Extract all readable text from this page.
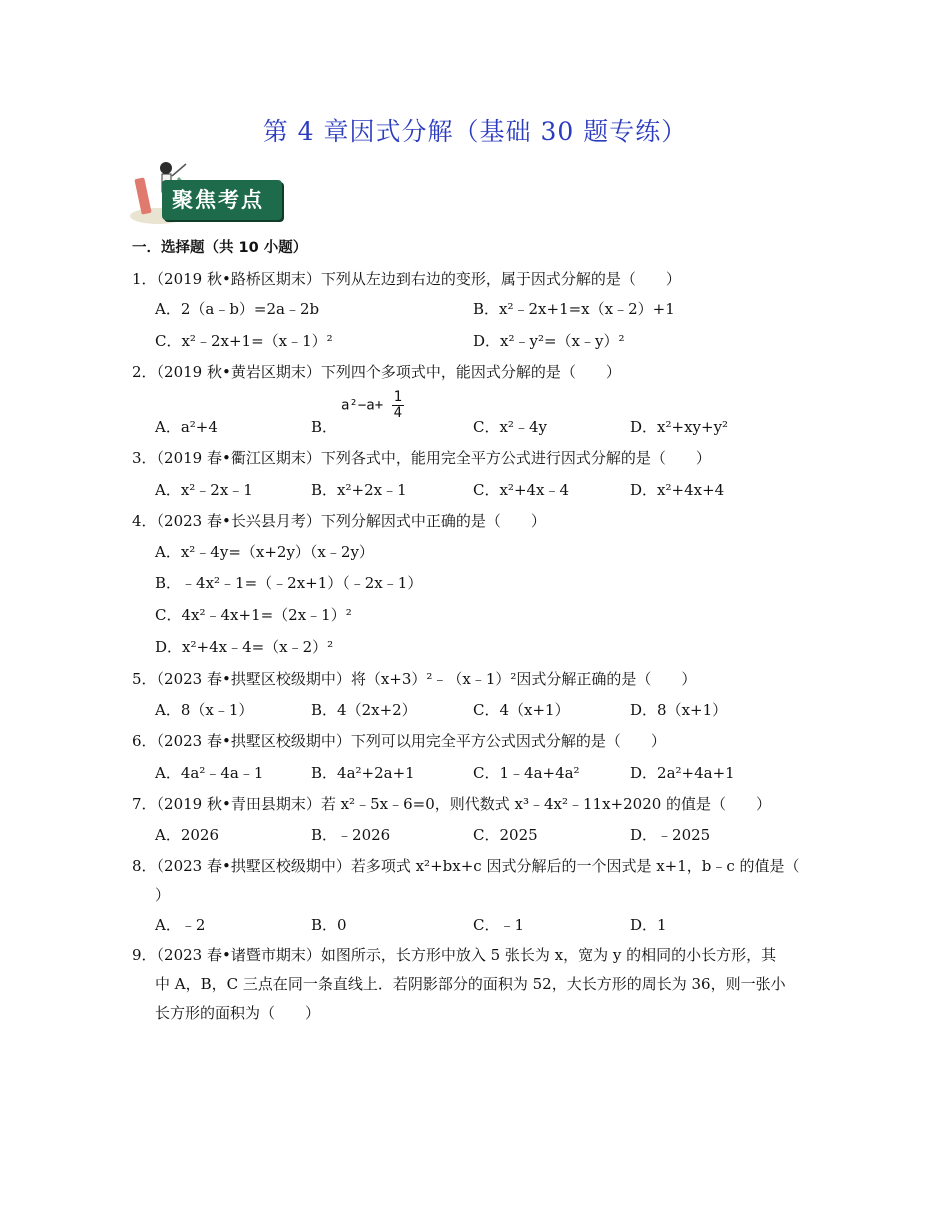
第 4 章因式分解（基础 30 题专练）
聚焦考点
一．选择题（共 10 小题）
1．（2019 秋•路桥区期末）下列从左边到右边的变形，属于因式分解的是（　　）
A．2（a﹣b）=2a﹣2b	B．x²﹣2x+1=x（x﹣2）+1
C．x²﹣2x+1=（x﹣1）²	D．x²﹣y²=（x﹣y）²
2．（2019 秋•黄岩区期末）下列四个多项式中，能因式分解的是（　　）
A．a²+4	B．
$a^2-a+ \frac{1}{4}$
C．x²﹣4y	D．x²+xy+y²
3．（2019 春•衢江区期末）下列各式中，能用完全平方公式进行因式分解的是（　　）
A．x²﹣2x﹣1	B．x²+2x﹣1	C．x²+4x﹣4	D．x²+4x+4
4．（2023 春•长兴县月考）下列分解因式中正确的是（　　）
A．x²﹣4y=（x+2y）（x﹣2y）
B．﹣4x²﹣1=（﹣2x+1）（﹣2x﹣1）
C．4x²﹣4x+1=（2x﹣1）²
D．x²+4x﹣4=（x﹣2）²
5．（2023 春•拱墅区校级期中）将（x+3）²﹣（x﹣1）²因式分解正确的是（　　）
A．8（x﹣1）	B．4（2x+2）	C．4（x+1）	D．8（x+1）
6．（2023 春•拱墅区校级期中）下列可以用完全平方公式因式分解的是（　　）
A．4a²﹣4a﹣1	B．4a²+2a+1	C．1﹣4a+4a²	D．2a²+4a+1
7．（2019 秋•青田县期末）若 x²﹣5x﹣6=0，则代数式 x³﹣4x²﹣11x+2020 的值是（　　）
A．2026	B．﹣2026	C．2025	D．﹣2025
8．（2023 春•拱墅区校级期中）若多项式 x²+bx+c 因式分解后的一个因式是 x+1，b﹣c 的值是（
）
A．﹣2	B．0	C．﹣1	D．1
9．（2023 春•诸暨市期末）如图所示，长方形中放入 5 张长为 x，宽为 y 的相同的小长方形，其
中 A，B，C 三点在同一条直线上．若阴影部分的面积为 52，大长方形的周长为 36，则一张小
长方形的面积为（　　）
